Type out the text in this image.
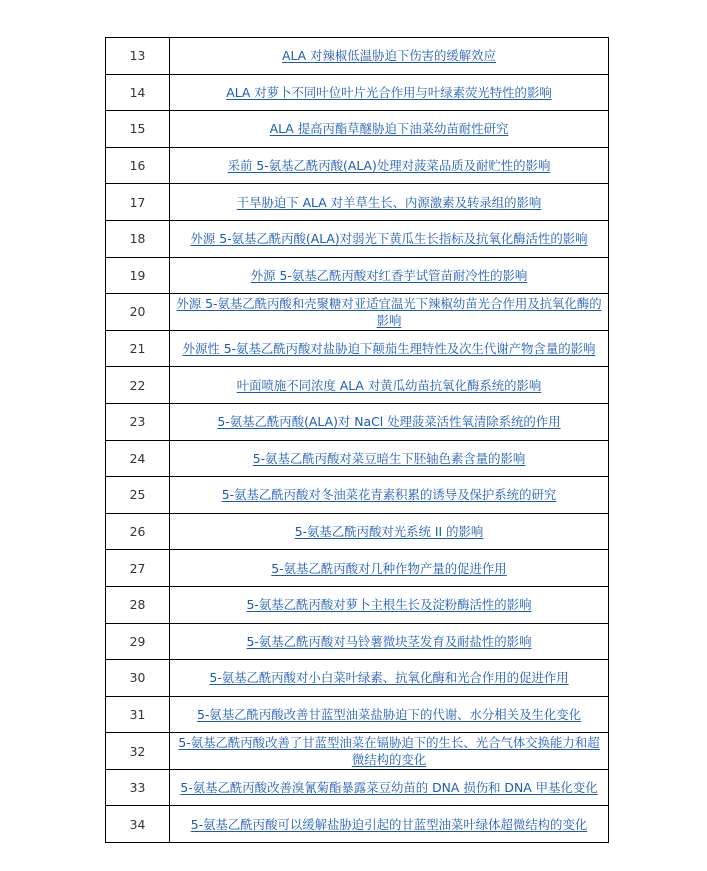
13	ALA 对辣椒低温胁迫下伤害的缓解效应
14	ALA 对萝卜不同叶位叶片光合作用与叶绿素荧光特性的影响
15	ALA 提高丙酯草醚胁迫下油菜幼苗耐性研究
16	采前 5-氨基乙酰丙酸(ALA)处理对菠菜品质及耐贮性的影响
17	干旱胁迫下 ALA 对羊草生长、内源激素及转录组的影响
18	外源 5-氨基乙酰丙酸(ALA)对弱光下黄瓜生长指标及抗氧化酶活性的影响
19	外源 5-氨基乙酰丙酸对红香芋试管苗耐冷性的影响
20	外源 5-氨基乙酰丙酸和壳聚糖对亚适宜温光下辣椒幼苗光合作用及抗氧化酶的影响
21	外源性 5-氨基乙酰丙酸对盐胁迫下颠茄生理特性及次生代谢产物含量的影响
22	叶面喷施不同浓度 ALA 对黄瓜幼苗抗氧化酶系统的影响
23	5-氨基乙酰丙酸(ALA)对 NaCl 处理菠菜活性氧清除系统的作用
24	5-氨基乙酰丙酸对菜豆暗生下胚轴色素含量的影响
25	5-氨基乙酰丙酸对冬油菜花青素积累的诱导及保护系统的研究
26	5-氨基乙酰丙酸对光系统 II 的影响
27	5-氨基乙酰丙酸对几种作物产量的促进作用
28	5-氨基乙酰丙酸对萝卜主根生长及淀粉酶活性的影响
29	5-氨基乙酰丙酸对马铃薯微块茎发育及耐盐性的影响
30	5-氨基乙酰丙酸对小白菜叶绿素、抗氧化酶和光合作用的促进作用
31	5-氨基乙酰丙酸改善甘蓝型油菜盐胁迫下的代谢、水分相关及生化变化
32	5-氨基乙酰丙酸改善了甘蓝型油菜在镉胁迫下的生长、光合气体交换能力和超微结构的变化
33	5-氨基乙酰丙酸改善溴氰菊酯暴露菜豆幼苗的 DNA 损伤和 DNA 甲基化变化
34	5-氨基乙酰丙酸可以缓解盐胁迫引起的甘蓝型油菜叶绿体超微结构的变化
